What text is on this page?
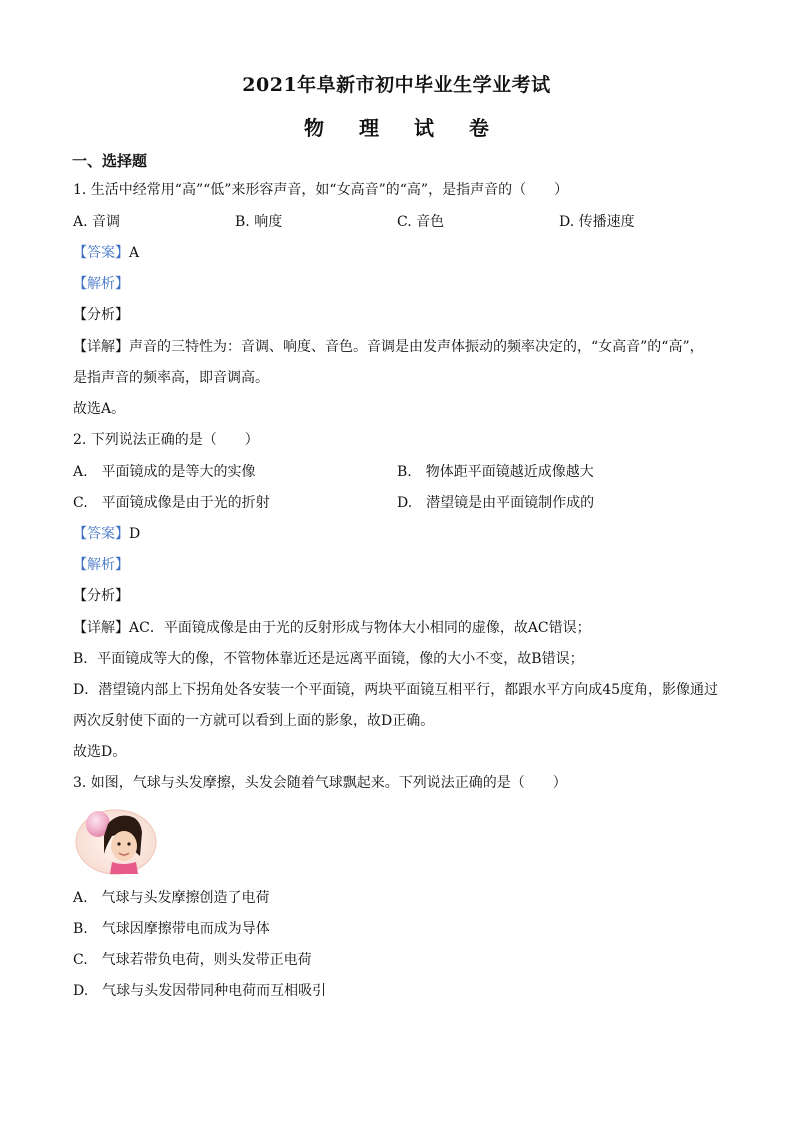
2021年阜新市初中毕业生学业考试
物 理 试 卷
一、选择题
1. 生活中经常用“高”“低”来形容声音，如“女高音”的“高”，是指声音的（　　）
A. 音调	B. 响度	C. 音色	D. 传播速度
【答案】A
【解析】
【分析】
【详解】声音的三特性为：音调、响度、音色。音调是由发声体振动的频率决定的，“女高音”的“高”，
是指声音的频率高，即音调高。
故选A。
2. 下列说法正确的是（　　）
A.　平面镜成的是等大的实像	B.　物体距平面镜越近成像越大
C.　平面镜成像是由于光的折射	D.　潜望镜是由平面镜制作成的
【答案】D
【解析】
【分析】
【详解】AC．平面镜成像是由于光的反射形成与物体大小相同的虚像，故AC错误；
B．平面镜成等大的像，不管物体靠近还是远离平面镜，像的大小不变，故B错误；
D．潜望镜内部上下拐角处各安装一个平面镜，两块平面镜互相平行，都跟水平方向成45度角，影像通过
两次反射使下面的一方就可以看到上面的影象，故D正确。
故选D。
3. 如图，气球与头发摩擦，头发会随着气球飘起来。下列说法正确的是（　　）
A.　气球与头发摩擦创造了电荷
B.　气球因摩擦带电而成为导体
C.　气球若带负电荷，则头发带正电荷
D.　气球与头发因带同种电荷而互相吸引
